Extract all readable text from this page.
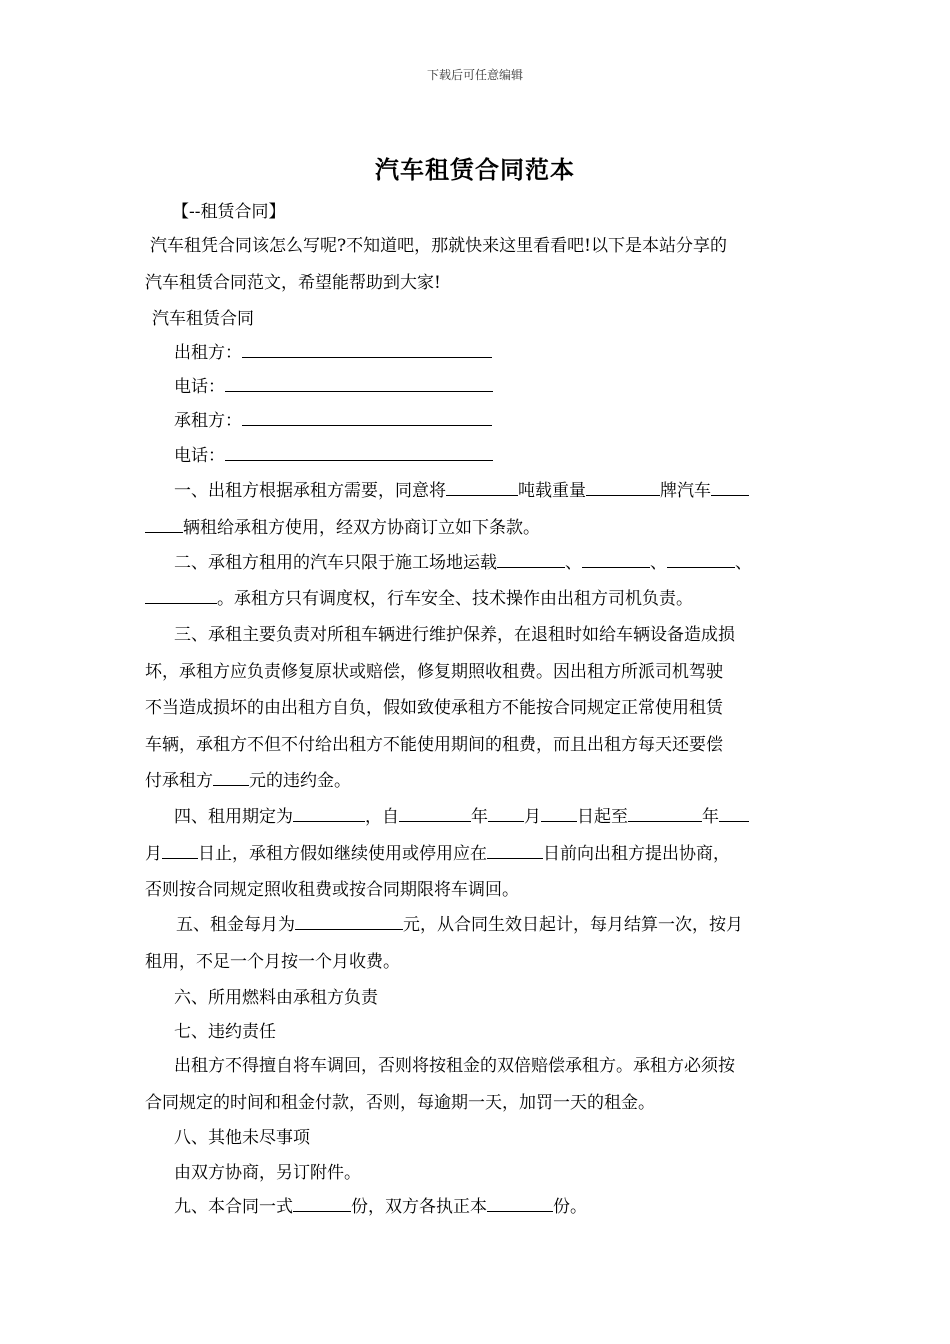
下载后可任意编辑
汽车租赁合同范本
【--租赁合同】
汽车租凭合同该怎么写呢?不知道吧，那就快来这里看看吧!以下是本站分享的
汽车租赁合同范文，希望能帮助到大家!
汽车租赁合同
出租方：
电话：
承租方：
电话：
一、出租方根据承租方需要，同意将	吨载重量	牌汽车
辆租给承租方使用，经双方协商订立如下条款。
二、承租方租用的汽车只限于施工场地运载	、	、	、
。承租方只有调度权，行车安全、技术操作由出租方司机负责。
三、承租主要负责对所租车辆进行维护保养，在退租时如给车辆设备造成损
坏，承租方应负责修复原状或赔偿，修复期照收租费。因出租方所派司机驾驶
不当造成损坏的由出租方自负，假如致使承租方不能按合同规定正常使用租赁
车辆，承租方不但不付给出租方不能使用期间的租费，而且出租方每天还要偿
付承租方 元的违约金。
四、租用期定为	，自	年 月 日起至	年
月 日止，承租方假如继续使用或停用应在	日前向出租方提出协商，
否则按合同规定照收租费或按合同期限将车调回。
五、租金每月为	元，从合同生效日起计，每月结算一次，按月
租用，不足一个月按一个月收费。
六、所用燃料由承租方负责
七、违约责任
出租方不得擅自将车调回，否则将按租金的双倍赔偿承租方。承租方必须按
合同规定的时间和租金付款，否则，每逾期一天，加罚一天的租金。
八、其他未尽事项
由双方协商，另订附件。
九、本合同一式	份，双方各执正本	份。
